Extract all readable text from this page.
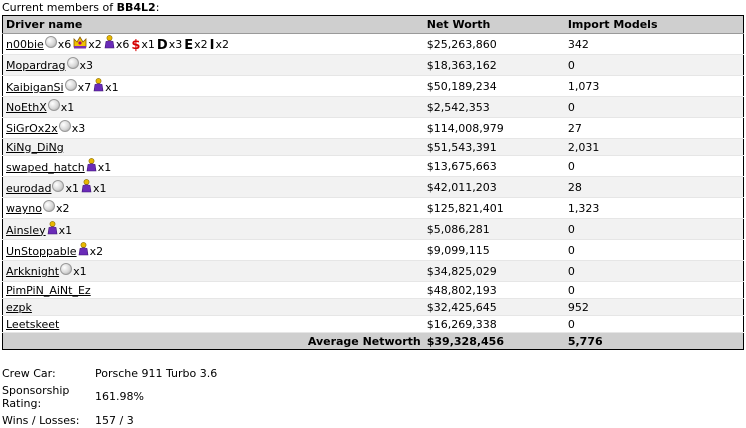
Current members of BB4L2:
Driver name	Net Worth	Import Models
n00bie x6 x2 x6 $x1 Dx3 Ex2 Ix2	$25,263,860	342
Mopardrag x3	$18,363,162	0
KaibiganSi x7 x1	$50,189,234	1,073
NoEthX x1	$2,542,353	0
SiGrOx2x x3	$114,008,979	27
KiNg_DiNg	$51,543,391	2,031
swaped_hatch x1	$13,675,663	0
eurodad x1 x1	$42,011,203	28
wayno x2	$125,821,401	1,323
Ainsley x1	$5,086,281	0
UnStoppable x2	$9,099,115	0
Arkknight x1	$34,825,029	0
PimPiN_AiNt_Ez	$48,802,193	0
ezpk	$32,425,645	952
Leetskeet	$16,269,338	0
Average Networth	$39,328,456	5,776
Crew Car:	Porsche 911 Turbo 3.6
Sponsorship Rating:
161.98%
Wins / Losses:	157 / 3
